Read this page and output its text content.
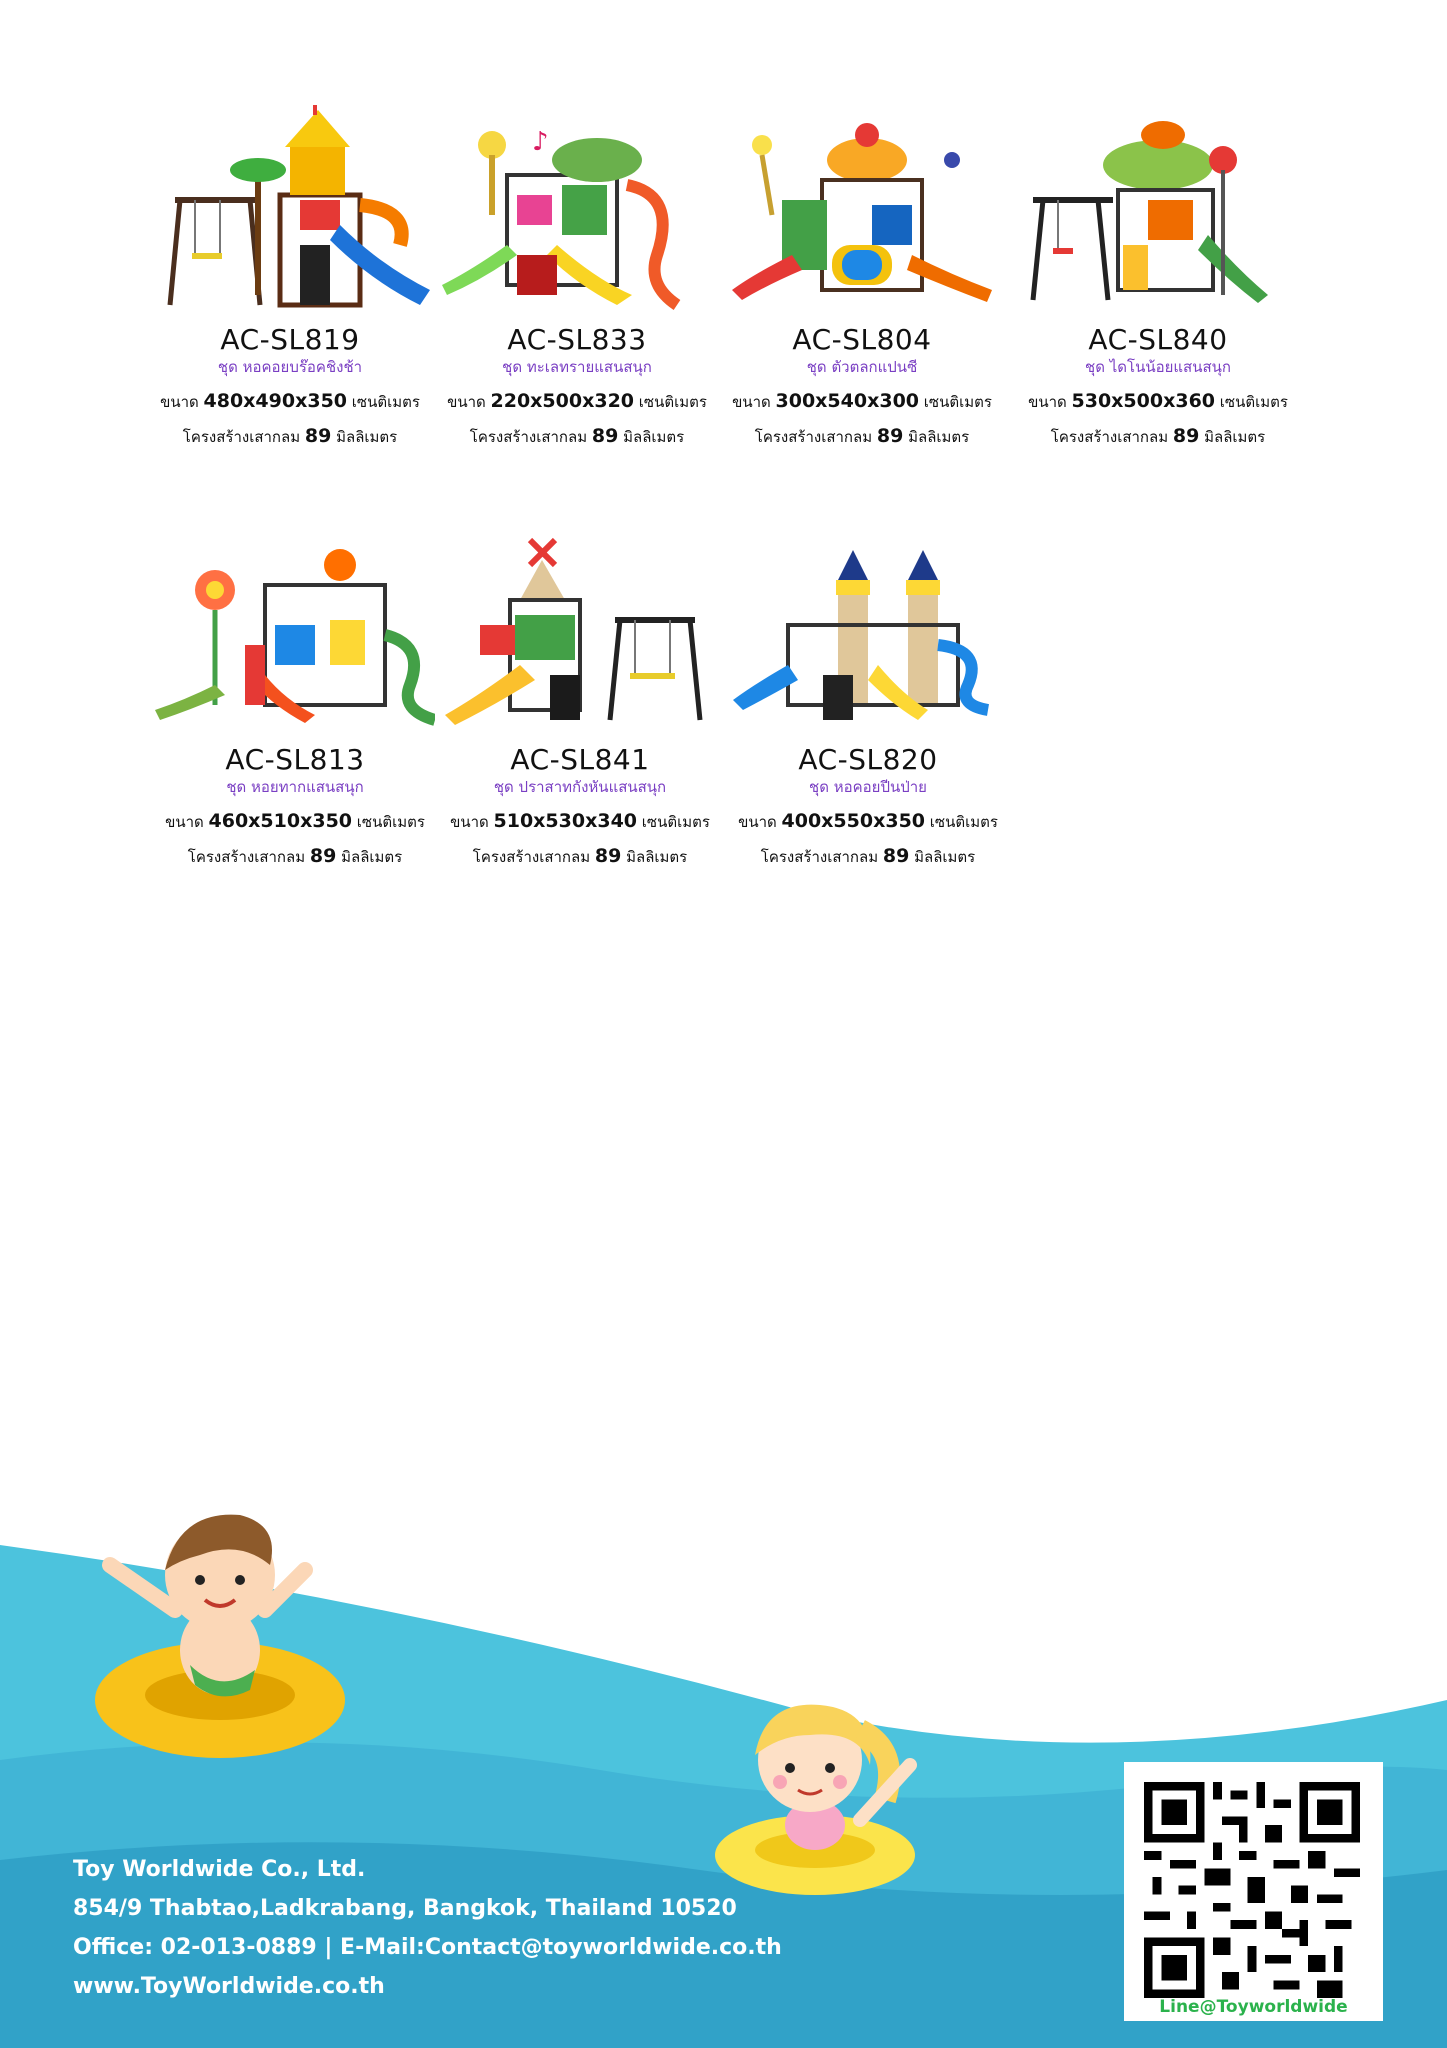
AC-SL819
ชุด หอคอยบร๊อคชิงช้า
ขนาด 480x490x350 เซนติเมตร
โครงสร้างเสากลม 89 มิลลิเมตร
♪
AC-SL833
ชุด ทะเลทรายแสนสนุก
ขนาด 220x500x320 เซนติเมตร
โครงสร้างเสากลม 89 มิลลิเมตร
AC-SL804
ชุด ตัวตลกแปนซี
ขนาด 300x540x300 เซนติเมตร
โครงสร้างเสากลม 89 มิลลิเมตร
AC-SL840
ชุด ไดโนน้อยแสนสนุก
ขนาด 530x500x360 เซนติเมตร
โครงสร้างเสากลม 89 มิลลิเมตร
AC-SL813
ชุด หอยทากแสนสนุก
ขนาด 460x510x350 เซนติเมตร
โครงสร้างเสากลม 89 มิลลิเมตร
AC-SL841
ชุด ปราสาทกังหันแสนสนุก
ขนาด 510x530x340 เซนติเมตร
โครงสร้างเสากลม 89 มิลลิเมตร
AC-SL820
ชุด หอคอยปีนป่าย
ขนาด 400x550x350 เซนติเมตร
โครงสร้างเสากลม 89 มิลลิเมตร
Toy Worldwide Co., Ltd.
854/9 Thabtao,Ladkrabang, Bangkok, Thailand 10520
Office: 02-013-0889 | E-Mail:Contact@toyworldwide.co.th
www.ToyWorldwide.co.th
Line@Toyworldwide
